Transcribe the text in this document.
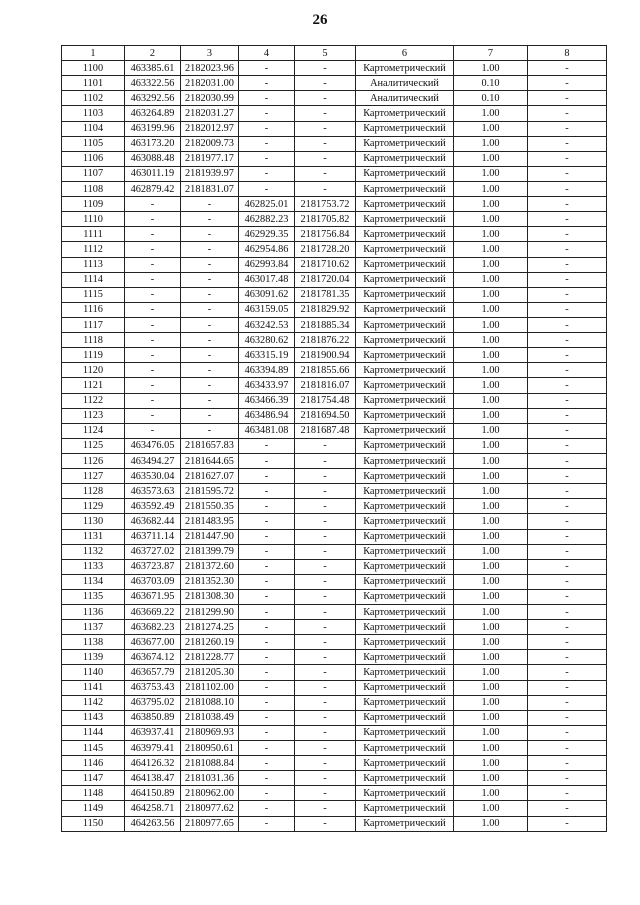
26
1	2	3	4	5	6	7	8
1100	463385.61	2182023.96	-	-	Картометрический	1.00	-
1101	463322.56	2182031.00	-	-	Аналитический	0.10	-
1102	463292.56	2182030.99	-	-	Аналитический	0.10	-
1103	463264.89	2182031.27	-	-	Картометрический	1.00	-
1104	463199.96	2182012.97	-	-	Картометрический	1.00	-
1105	463173.20	2182009.73	-	-	Картометрический	1.00	-
1106	463088.48	2181977.17	-	-	Картометрический	1.00	-
1107	463011.19	2181939.97	-	-	Картометрический	1.00	-
1108	462879.42	2181831.07	-	-	Картометрический	1.00	-
1109	-	-	462825.01	2181753.72	Картометрический	1.00	-
1110	-	-	462882.23	2181705.82	Картометрический	1.00	-
1111	-	-	462929.35	2181756.84	Картометрический	1.00	-
1112	-	-	462954.86	2181728.20	Картометрический	1.00	-
1113	-	-	462993.84	2181710.62	Картометрический	1.00	-
1114	-	-	463017.48	2181720.04	Картометрический	1.00	-
1115	-	-	463091.62	2181781.35	Картометрический	1.00	-
1116	-	-	463159.05	2181829.92	Картометрический	1.00	-
1117	-	-	463242.53	2181885.34	Картометрический	1.00	-
1118	-	-	463280.62	2181876.22	Картометрический	1.00	-
1119	-	-	463315.19	2181900.94	Картометрический	1.00	-
1120	-	-	463394.89	2181855.66	Картометрический	1.00	-
1121	-	-	463433.97	2181816.07	Картометрический	1.00	-
1122	-	-	463466.39	2181754.48	Картометрический	1.00	-
1123	-	-	463486.94	2181694.50	Картометрический	1.00	-
1124	-	-	463481.08	2181687.48	Картометрический	1.00	-
1125	463476.05	2181657.83	-	-	Картометрический	1.00	-
1126	463494.27	2181644.65	-	-	Картометрический	1.00	-
1127	463530.04	2181627.07	-	-	Картометрический	1.00	-
1128	463573.63	2181595.72	-	-	Картометрический	1.00	-
1129	463592.49	2181550.35	-	-	Картометрический	1.00	-
1130	463682.44	2181483.95	-	-	Картометрический	1.00	-
1131	463711.14	2181447.90	-	-	Картометрический	1.00	-
1132	463727.02	2181399.79	-	-	Картометрический	1.00	-
1133	463723.87	2181372.60	-	-	Картометрический	1.00	-
1134	463703.09	2181352.30	-	-	Картометрический	1.00	-
1135	463671.95	2181308.30	-	-	Картометрический	1.00	-
1136	463669.22	2181299.90	-	-	Картометрический	1.00	-
1137	463682.23	2181274.25	-	-	Картометрический	1.00	-
1138	463677.00	2181260.19	-	-	Картометрический	1.00	-
1139	463674.12	2181228.77	-	-	Картометрический	1.00	-
1140	463657.79	2181205.30	-	-	Картометрический	1.00	-
1141	463753.43	2181102.00	-	-	Картометрический	1.00	-
1142	463795.02	2181088.10	-	-	Картометрический	1.00	-
1143	463850.89	2181038.49	-	-	Картометрический	1.00	-
1144	463937.41	2180969.93	-	-	Картометрический	1.00	-
1145	463979.41	2180950.61	-	-	Картометрический	1.00	-
1146	464126.32	2181088.84	-	-	Картометрический	1.00	-
1147	464138.47	2181031.36	-	-	Картометрический	1.00	-
1148	464150.89	2180962.00	-	-	Картометрический	1.00	-
1149	464258.71	2180977.62	-	-	Картометрический	1.00	-
1150	464263.56	2180977.65	-	-	Картометрический	1.00	-
